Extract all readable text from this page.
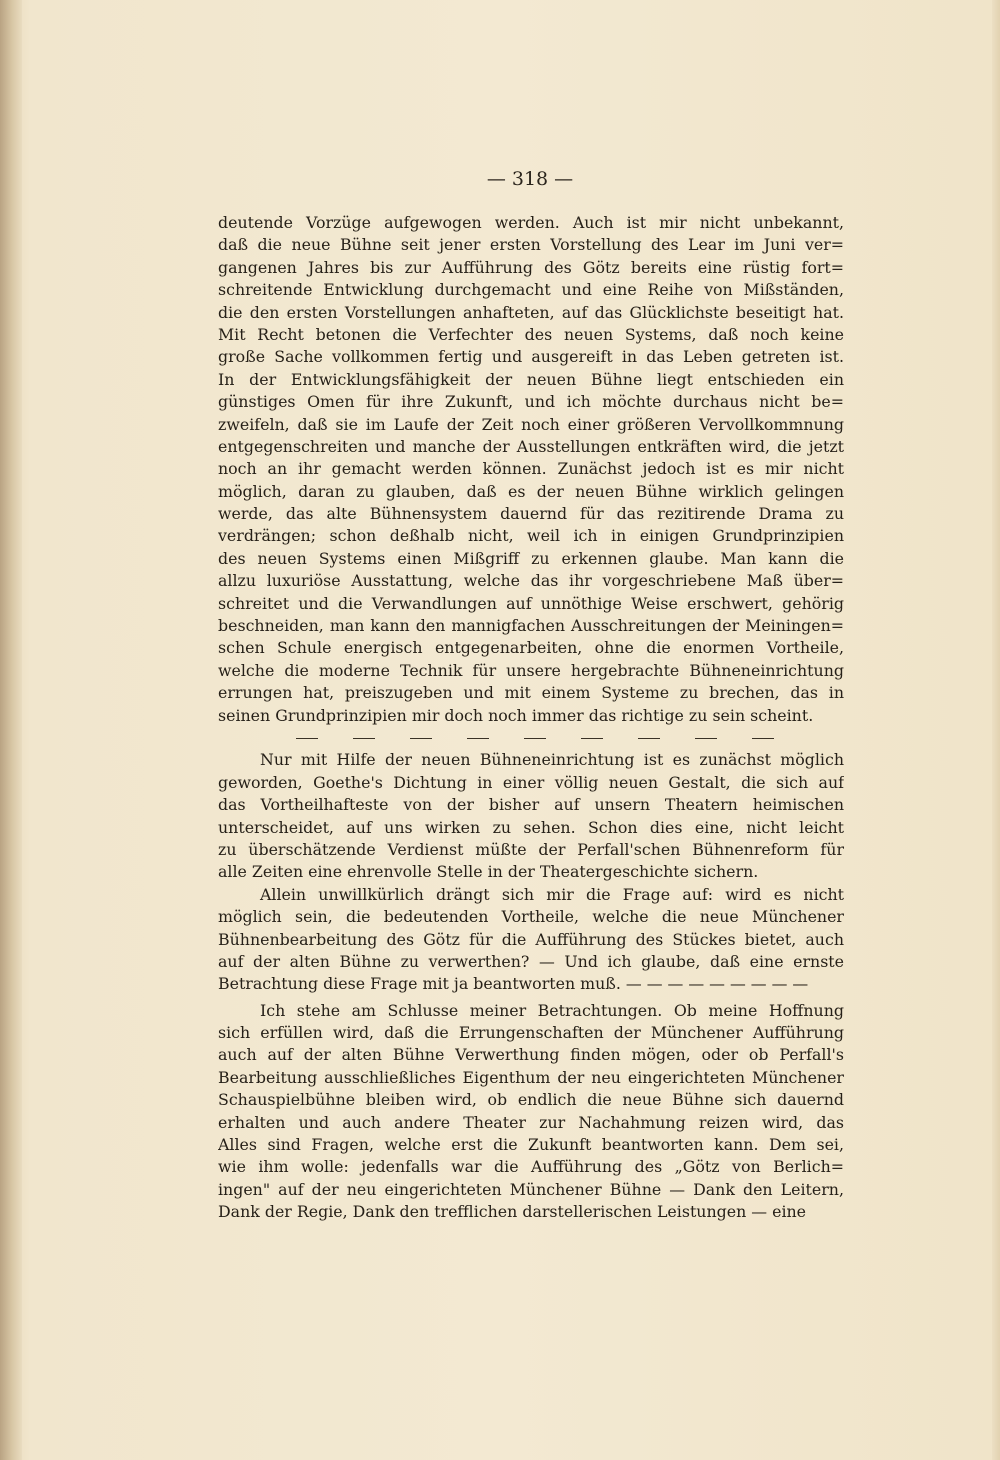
— 318 —
deutende Vorzüge aufgewogen werden. Auch ist mir nicht unbekannt,
daß die neue Bühne seit jener ersten Vorstellung des Lear im Juni ver=
gangenen Jahres bis zur Aufführung des Götz bereits eine rüstig fort=
schreitende Entwicklung durchgemacht und eine Reihe von Mißständen,
die den ersten Vorstellungen anhafteten, auf das Glücklichste beseitigt hat.
Mit Recht betonen die Verfechter des neuen Systems, daß noch keine
große Sache vollkommen fertig und ausgereift in das Leben getreten ist.
In der Entwicklungsfähigkeit der neuen Bühne liegt entschieden ein
günstiges Omen für ihre Zukunft, und ich möchte durchaus nicht be=
zweifeln, daß sie im Laufe der Zeit noch einer größeren Vervollkommnung
entgegenschreiten und manche der Ausstellungen entkräften wird, die jetzt
noch an ihr gemacht werden können. Zunächst jedoch ist es mir nicht
möglich, daran zu glauben, daß es der neuen Bühne wirklich gelingen
werde, das alte Bühnensystem dauernd für das rezitirende Drama zu
verdrängen; schon deßhalb nicht, weil ich in einigen Grundprinzipien
des neuen Systems einen Mißgriff zu erkennen glaube. Man kann die
allzu luxuriöse Ausstattung, welche das ihr vorgeschriebene Maß über=
schreitet und die Verwandlungen auf unnöthige Weise erschwert, gehörig
beschneiden, man kann den mannigfachen Ausschreitungen der Meiningen=
schen Schule energisch entgegenarbeiten, ohne die enormen Vortheile,
welche die moderne Technik für unsere hergebrachte Bühneneinrichtung
errungen hat, preiszugeben und mit einem Systeme zu brechen, das in
seinen Grundprinzipien mir doch noch immer das richtige zu sein scheint.
Nur mit Hilfe der neuen Bühneneinrichtung ist es zunächst möglich
geworden, Goethe's Dichtung in einer völlig neuen Gestalt, die sich auf
das Vortheilhafteste von der bisher auf unsern Theatern heimischen
unterscheidet, auf uns wirken zu sehen. Schon dies eine, nicht leicht
zu überschätzende Verdienst müßte der Perfall'schen Bühnenreform für
alle Zeiten eine ehrenvolle Stelle in der Theatergeschichte sichern.
Allein unwillkürlich drängt sich mir die Frage auf: wird es nicht
möglich sein, die bedeutenden Vortheile, welche die neue Münchener
Bühnenbearbeitung des Götz für die Aufführung des Stückes bietet, auch
auf der alten Bühne zu verwerthen? — Und ich glaube, daß eine ernste
Betrachtung diese Frage mit ja beantworten muß. — — — — — — — — —
Ich stehe am Schlusse meiner Betrachtungen. Ob meine Hoffnung
sich erfüllen wird, daß die Errungenschaften der Münchener Aufführung
auch auf der alten Bühne Verwerthung finden mögen, oder ob Perfall's
Bearbeitung ausschließliches Eigenthum der neu eingerichteten Münchener
Schauspielbühne bleiben wird, ob endlich die neue Bühne sich dauernd
erhalten und auch andere Theater zur Nachahmung reizen wird, das
Alles sind Fragen, welche erst die Zukunft beantworten kann. Dem sei,
wie ihm wolle: jedenfalls war die Aufführung des „Götz von Berlich=
ingen" auf der neu eingerichteten Münchener Bühne — Dank den Leitern,
Dank der Regie, Dank den trefflichen darstellerischen Leistungen — eine
